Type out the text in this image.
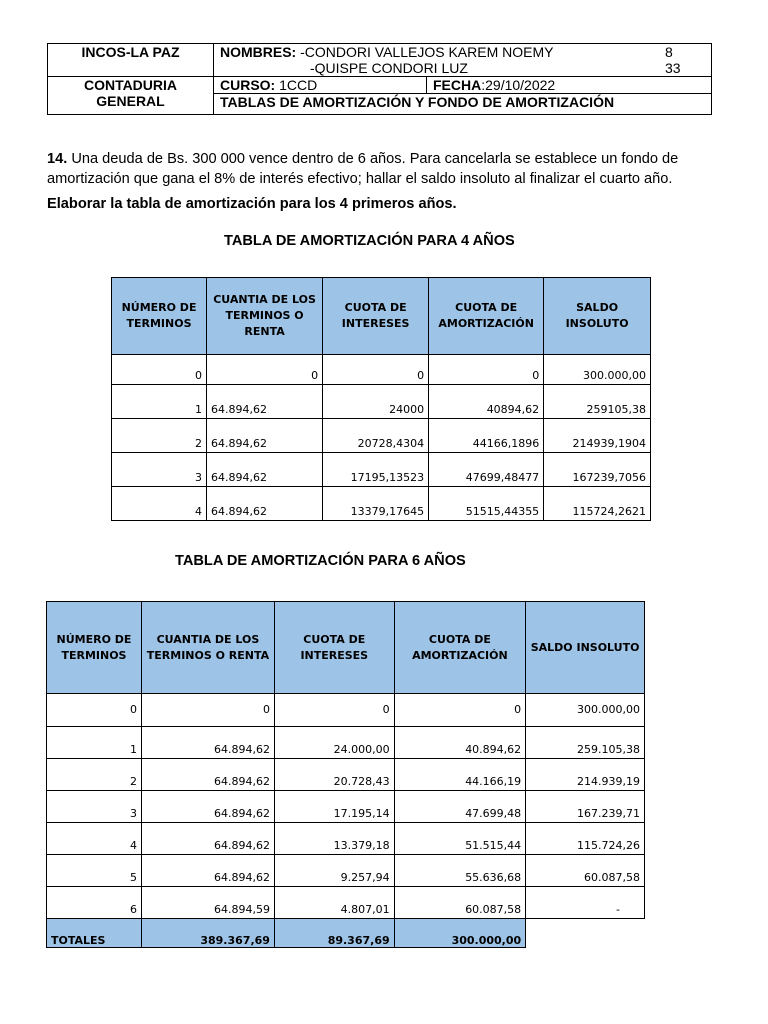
INCOS-LA PAZ	NOMBRES: -CONDORI VALLEJOS KAREM NOEMY 8
-QUISPE CONDORI LUZ 33	

CONTADURIA
GENERAL	CURSO: 1CCD	FECHA:29/10/2022
	TABLAS DE AMORTIZACIÓN Y FONDO DE AMORTIZACIÓN	
14. Una deuda de Bs. 300 000 vence dentro de 6 años. Para cancelarla se establece un fondo de amortización que gana el 8% de interés efectivo; hallar el saldo insoluto al finalizar el cuarto año.
Elaborar la tabla de amortización para los 4 primeros años.
TABLA DE AMORTIZACIÓN PARA 4 AÑOS
NÚMERO DE TERMINOS	CUANTIA DE LOS TERMINOS O RENTA	CUOTA DE INTERESES	CUOTA DE AMORTIZACIÓN	SALDO INSOLUTO
0	0	0	0	300.000,00
1	64.894,62	24000	40894,62	259105,38
2	64.894,62	20728,4304	44166,1896	214939,1904
3	64.894,62	17195,13523	47699,48477	167239,7056
4	64.894,62	13379,17645	51515,44355	115724,2621
TABLA DE AMORTIZACIÓN PARA 6 AÑOS
NÚMERO DE TERMINOS	CUANTIA DE LOS TERMINOS O RENTA	CUOTA DE INTERESES	CUOTA DE AMORTIZACIÓN	SALDO INSOLUTO
0	0	0	0	300.000,00
1	64.894,62	24.000,00	40.894,62	259.105,38
2	64.894,62	20.728,43	44.166,19	214.939,19
3	64.894,62	17.195,14	47.699,48	167.239,71
4	64.894,62	13.379,18	51.515,44	115.724,26
5	64.894,62	9.257,94	55.636,68	60.087,58
6	64.894,59	4.807,01	60.087,58	-
TOTALES	389.367,69	89.367,69	300.000,00	
